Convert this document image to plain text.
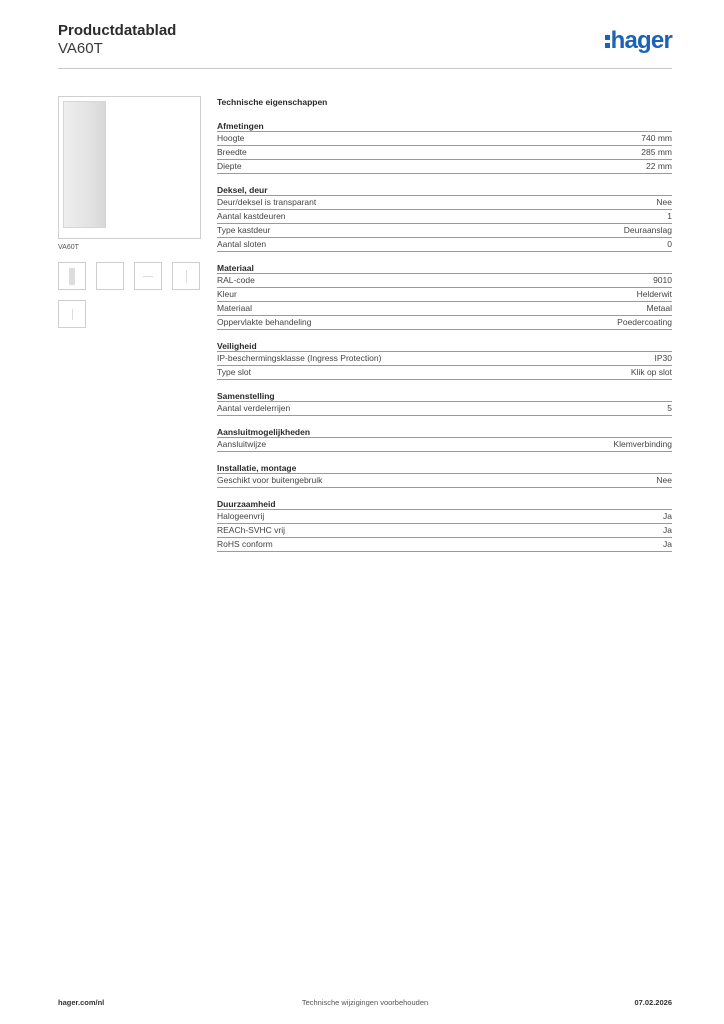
Productdatablad
VA60T	hager
VA60T
Technische eigenschappen
Afmetingen
Hoogte	740 mm
Breedte	285 mm
Diepte	22 mm
Deksel, deur
Deur/deksel is transparant	Nee
Aantal kastdeuren	1
Type kastdeur	Deuraanslag
Aantal sloten	0
Materiaal
RAL-code	9010
Kleur	Helderwit
Materiaal	Metaal
Oppervlakte behandeling	Poedercoating
Veiligheid
IP-beschermingsklasse (Ingress Protection)	IP30
Type slot	Klik op slot
Samenstelling
Aantal verdelerrijen	5
Aansluitmogelijkheden
Aansluitwijze	Klemverbinding
Installatie, montage
Geschikt voor buitengebruik	Nee
Duurzaamheid
Halogeenvrij	Ja
REACh-SVHC vrij	Ja
RoHS conform	Ja
hager.com/nl	Technische wijzigingen voorbehouden	07.02.2026
